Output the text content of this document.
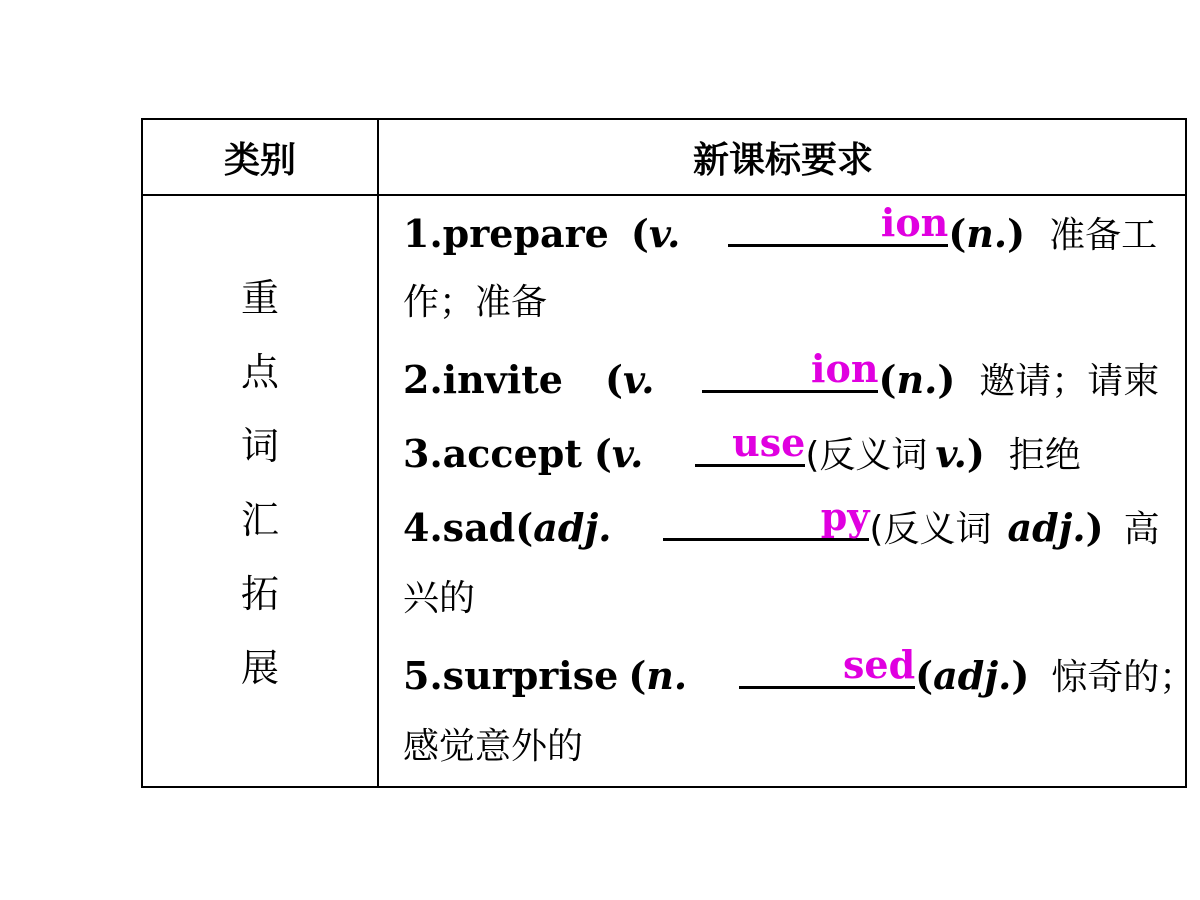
类别	新课标要求
重
点
词
汇
拓
展
1.prepare (v.	ion (n.) 准备工
作；准备
2.invite (v.	ion (n.) 邀请；请柬
3.accept (v. use (反义词 v.) 拒绝
4.sad(adj.	py (反义词 adj.) 高
兴的
5.surprise (n.	sed (adj.) 惊奇的；
感觉意外的
